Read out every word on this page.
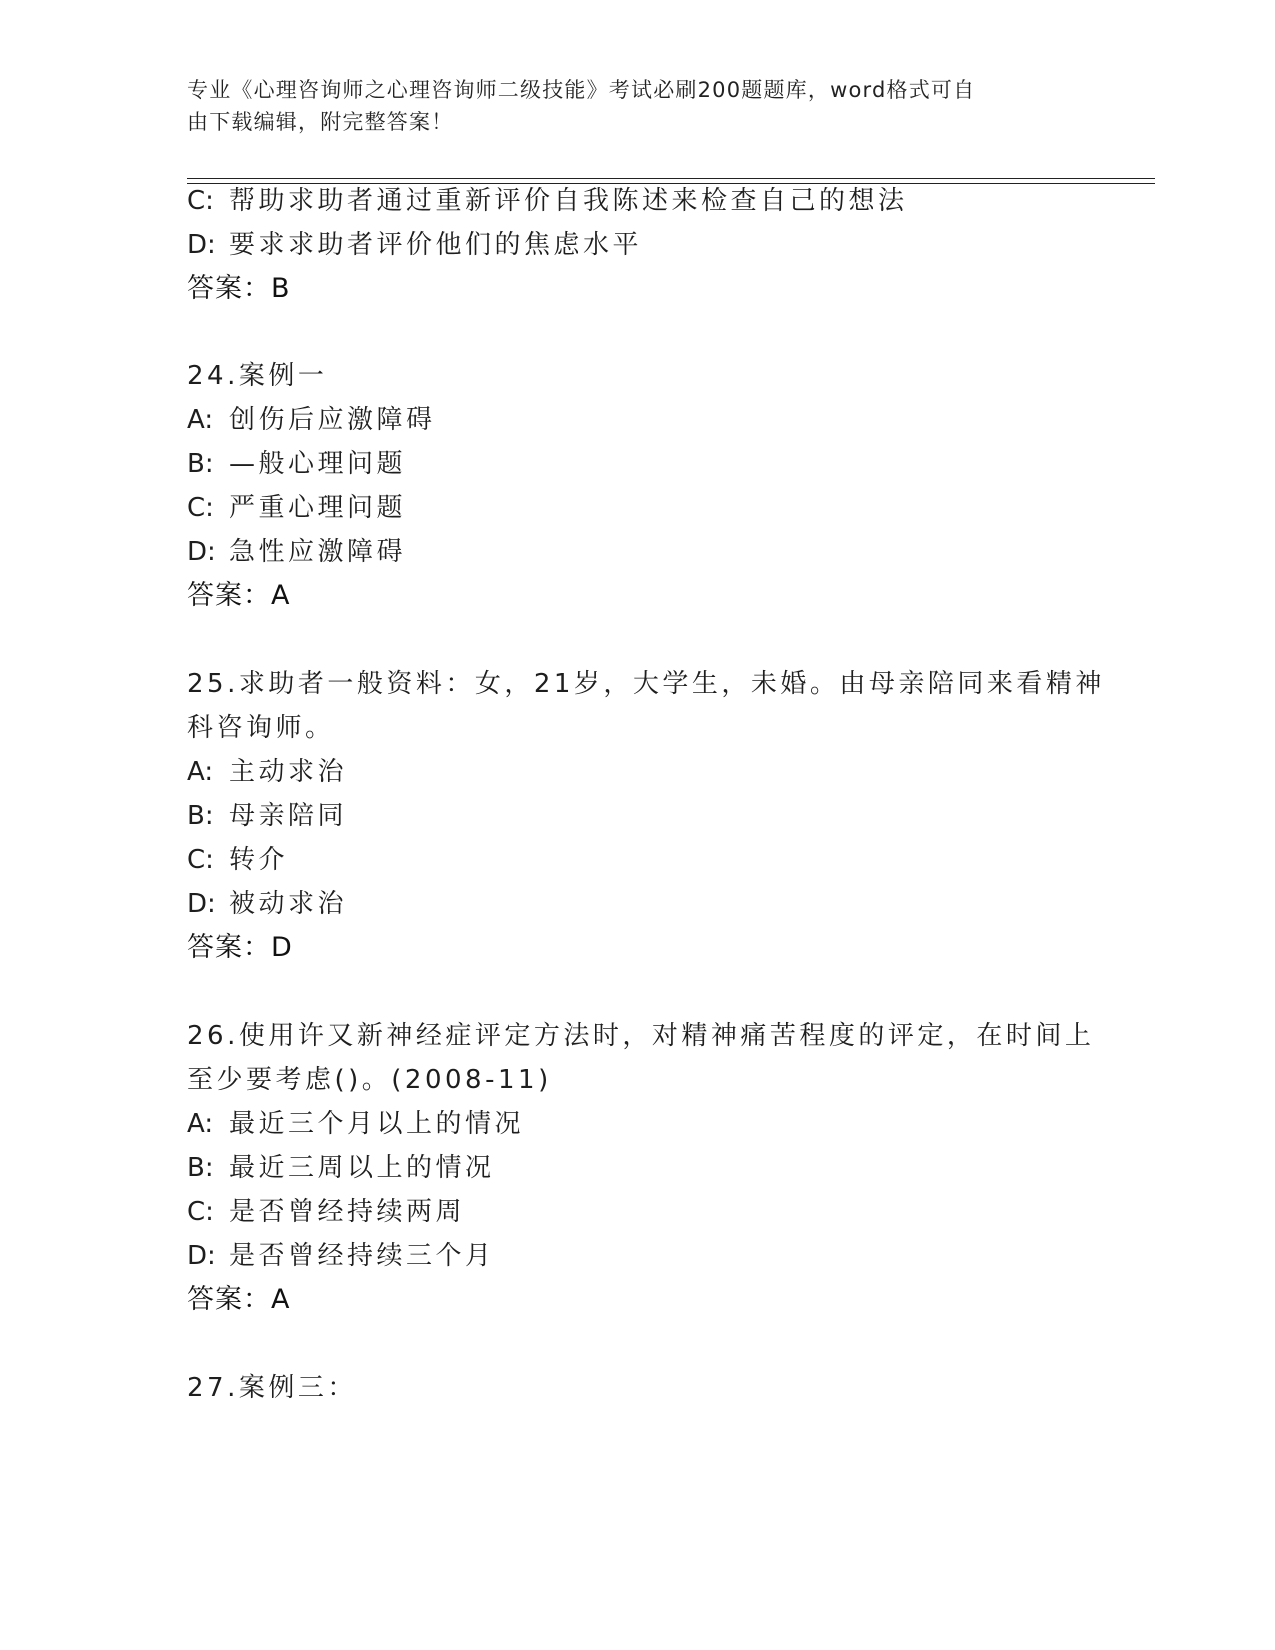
专业《心理咨询师之心理咨询师二级技能》考试必刷200题题库，word格式可自
由下载编辑，附完整答案！
C: 帮助求助者通过重新评价自我陈述来检查自己的想法
D: 要求求助者评价他们的焦虑水平
答案：B
24.案例一
A: 创伤后应激障碍
B: —般心理问题
C: 严重心理问题
D: 急性应激障碍
答案：A
25.求助者一般资料：女，21岁，大学生，未婚。由母亲陪同来看精神
科咨询师。
A: 主动求治
B: 母亲陪同
C: 转介
D: 被动求治
答案：D
26.使用许又新神经症评定方法时，对精神痛苦程度的评定，在时间上
至少要考虑()。(2008-11)
A: 最近三个月以上的情况
B: 最近三周以上的情况
C: 是否曾经持续两周
D: 是否曾经持续三个月
答案：A
27.案例三：
